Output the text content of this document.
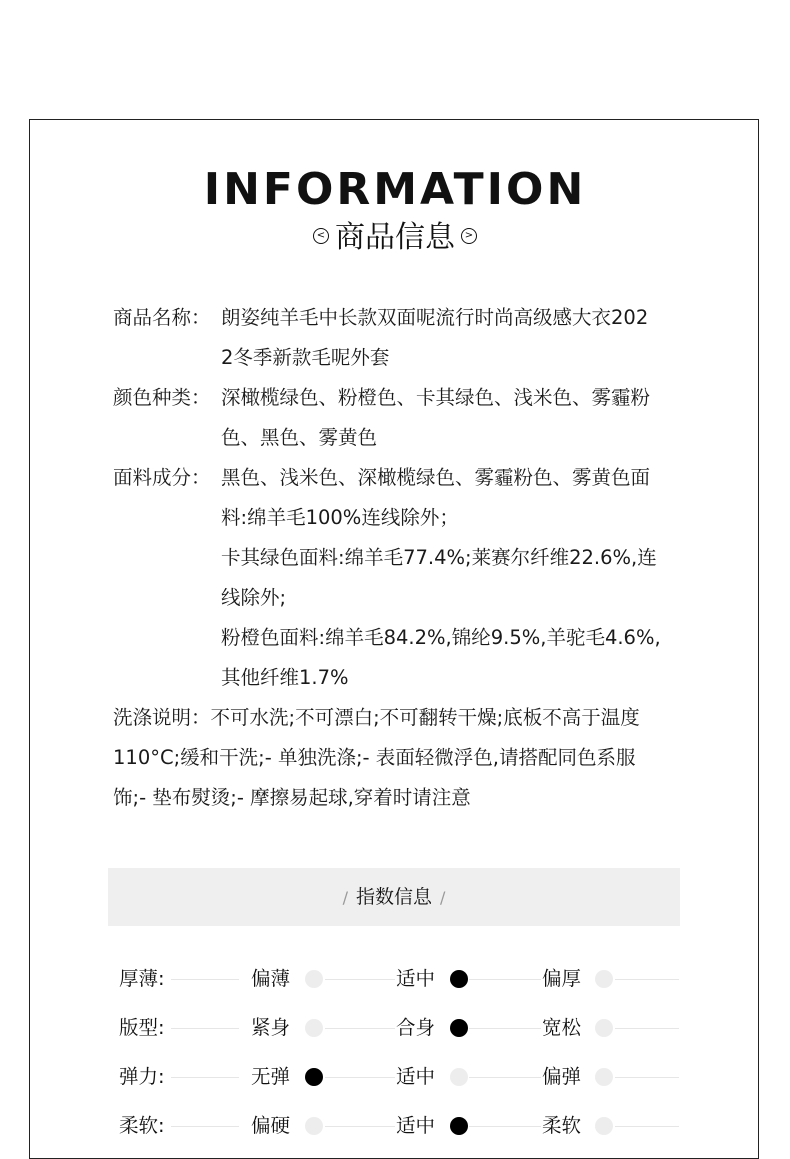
INFORMATION
< 商品信息 >
商品名称： 朗姿纯羊毛中长款双面呢流行时尚高级感大衣202
2冬季新款毛呢外套
颜色种类： 深橄榄绿色、粉橙色、卡其绿色、浅米色、雾霾粉
色、黑色、雾黄色
面料成分： 黑色、浅米色、深橄榄绿色、雾霾粉色、雾黄色面
料:绵羊毛100%连线除外；
卡其绿色面料:绵羊毛77.4%;莱赛尔纤维22.6%,连
线除外;
粉橙色面料:绵羊毛84.2%,锦纶9.5%,羊驼毛4.6%,
其他纤维1.7%
洗涤说明：不可水洗;不可漂白;不可翻转干燥;底板不高于温度
110°C;缓和干洗;- 单独洗涤;- 表面轻微浮色,请搭配同色系服
饰;- 垫布熨烫;- 摩擦易起球,穿着时请注意
/ 指数信息 /
厚薄:	偏薄	适中	偏厚
版型:	紧身	合身	宽松
弹力:	无弹	适中	偏弹
柔软:	偏硬	适中	柔软
